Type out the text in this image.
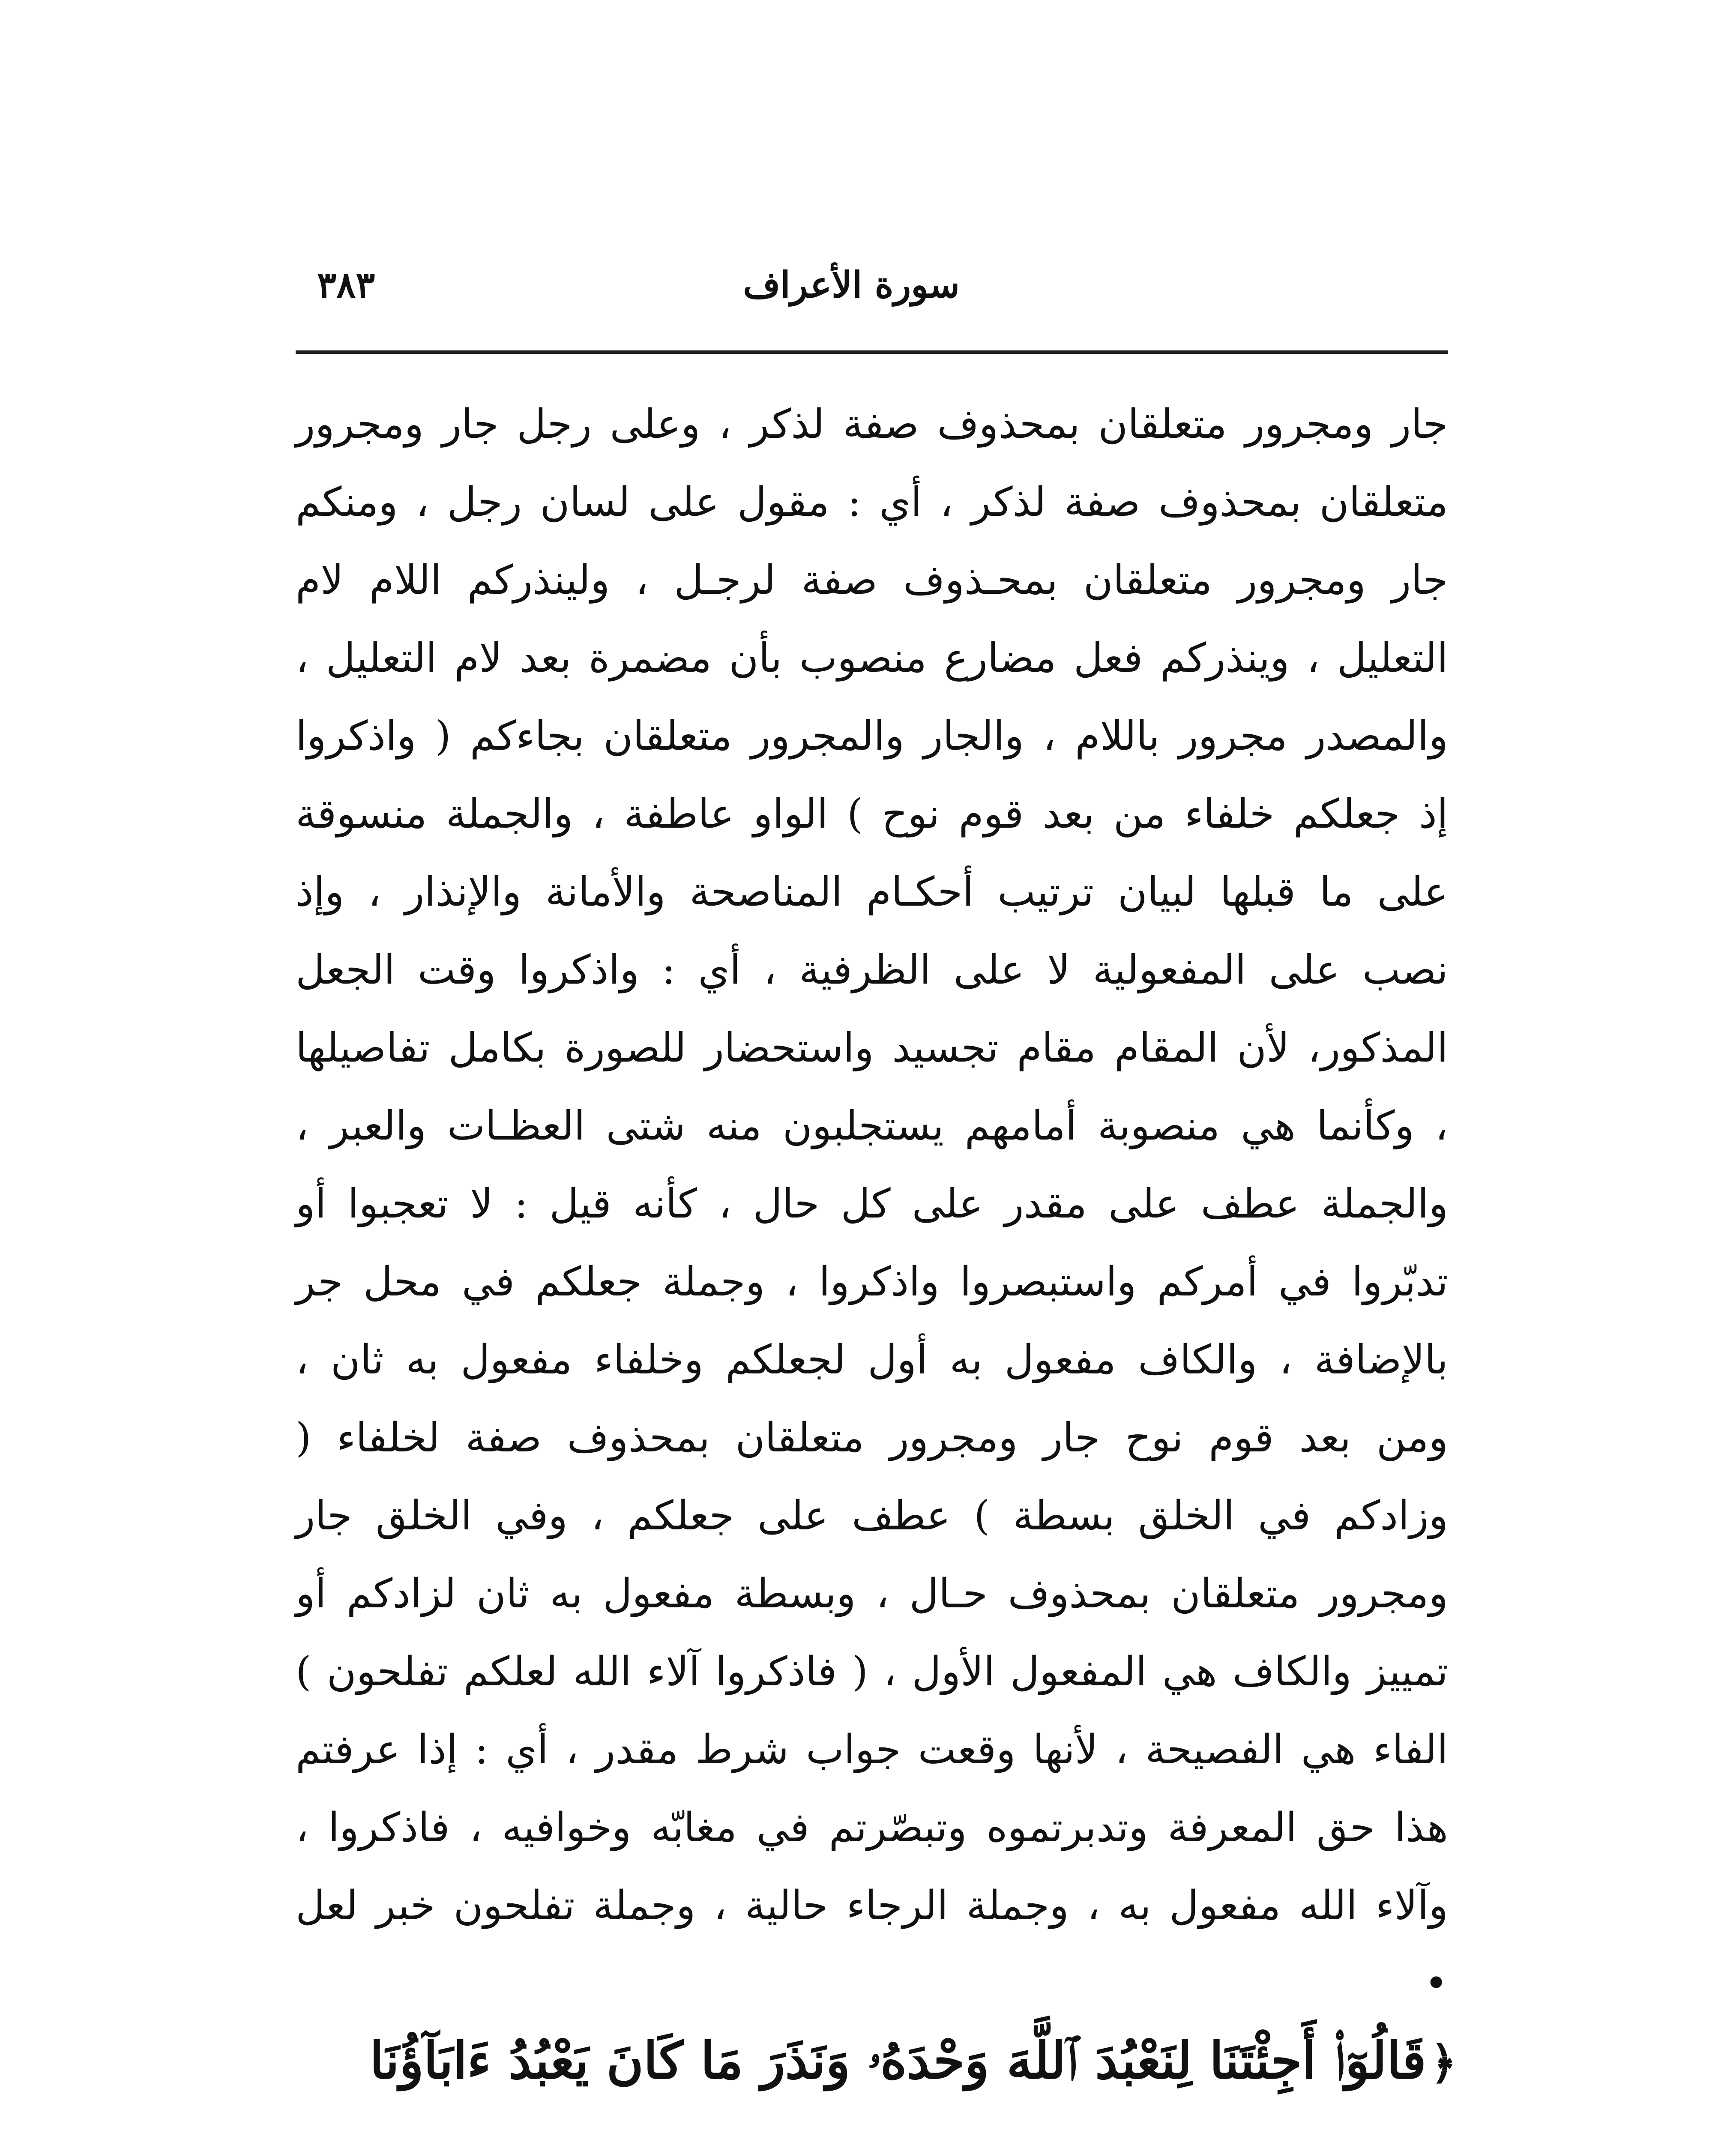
سورة الأعراف
٣٨٣

جار ومجرور متعلقان بمحذوف صفة لذكر ، وعلى رجل جار ومجرور متعلقان بمحذوف صفة لذكر ، أي : مقول على لسان رجل ، ومنكم جار ومجرور متعلقان بمحـذوف صفة لرجـل ، ولينذركم اللام لام التعليل ، وينذركم فعل مضارع منصوب بأن مضمرة بعد لام التعليل ، والمصدر مجرور باللام ، والجار والمجرور متعلقان بجاءكم ( واذكروا إذ جعلكم خلفاء من بعد قوم نوح ) الواو عاطفة ، والجملة منسوقة على ما قبلها لبيان ترتيب أحكـام المناصحة والأمانة والإنذار ، وإذ نصب على المفعولية لا على الظرفية ، أي : واذكروا وقت الجعل المذكور، لأن المقام مقام تجسيد واستحضار للصورة بكامل تفاصيلها ، وكأنما هي منصوبة أمامهم يستجلبون منه شتى العظـات والعبر ، والجملة عطف على مقدر على كل حال ، كأنه قيل : لا تعجبوا أو تدبّروا في أمركم واستبصروا واذكروا ، وجملة جعلكم في محل جر بالإضافة ، والكاف مفعول به أول لجعلكم وخلفاء مفعول به ثان ، ومن بعد قوم نوح جار ومجرور متعلقان بمحذوف صفة لخلفاء ( وزادكم في الخلق بسطة ) عطف على جعلكم ، وفي الخلق جار ومجرور متعلقان بمحذوف حـال ، وبسطة مفعول به ثان لزادكم أو تمييز والكاف هي المفعول الأول ، ( فاذكروا آلاء الله لعلكم تفلحون ) الفاء هي الفصيحة ، لأنها وقعت جواب شرط مقدر ، أي : إذا عرفتم هذا حق المعرفة وتدبرتموه وتبصّرتم في مغابّه وخوافيه ، فاذكروا ، وآلاء الله مفعول به ، وجملة الرجاء حالية ، وجملة تفلحون خبر لعل •

﴿قَالُوٓا۟ أَجِئْتَنَا لِنَعْبُدَ ٱللَّهَ وَحْدَهُۥ وَنَذَرَ مَا كَانَ يَعْبُدُ ءَابَآؤُنَا
